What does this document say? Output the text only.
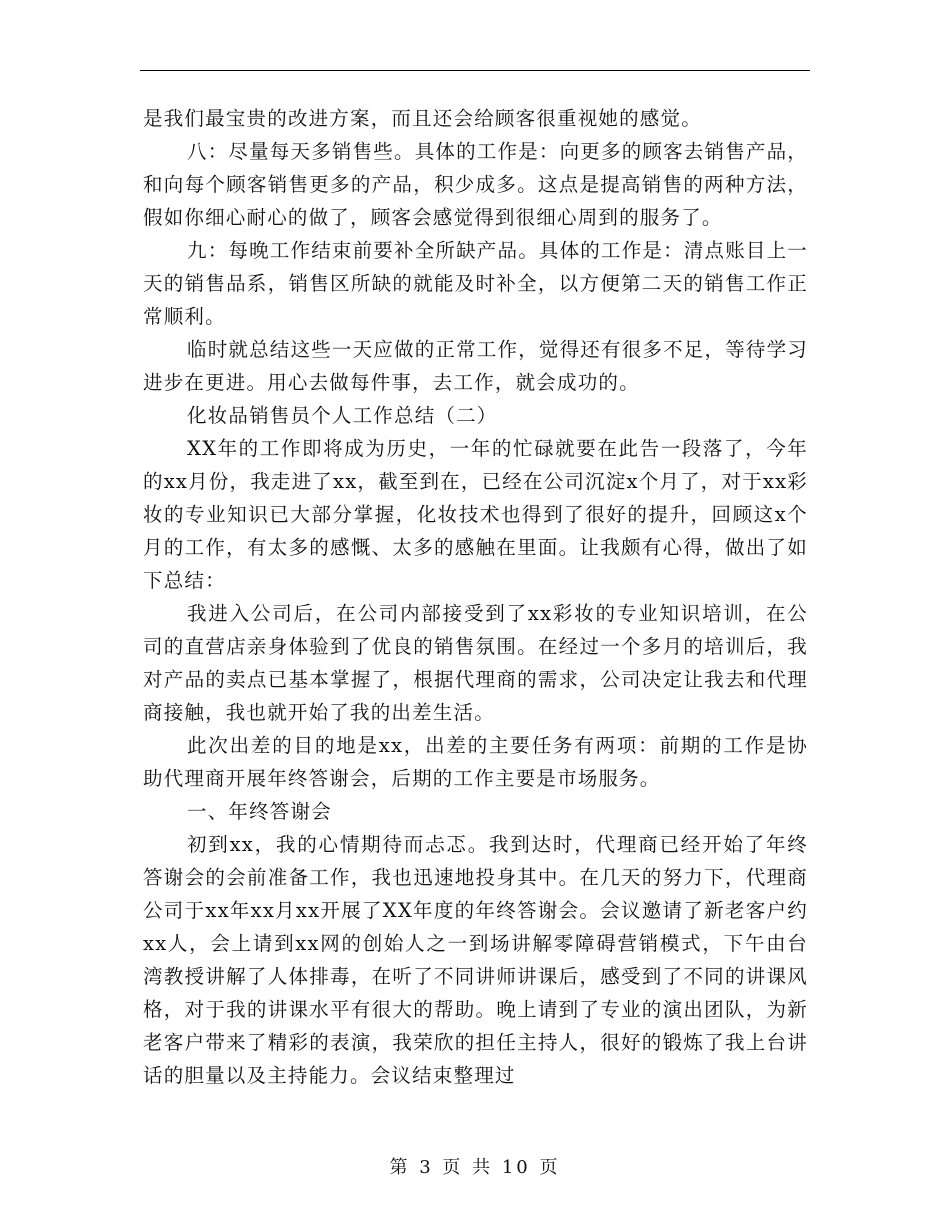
是我们最宝贵的改进方案，而且还会给顾客很重视她的感觉。

八：尽量每天多销售些。具体的工作是：向更多的顾客去销售产品，和向每个顾客销售更多的产品，积少成多。这点是提高销售的两种方法，假如你细心耐心的做了，顾客会感觉得到很细心周到的服务了。

九：每晚工作结束前要补全所缺产品。具体的工作是：清点账目上一天的销售品系，销售区所缺的就能及时补全，以方便第二天的销售工作正常顺利。

临时就总结这些一天应做的正常工作，觉得还有很多不足，等待学习进步在更进。用心去做每件事，去工作，就会成功的。

化妆品销售员个人工作总结（二）

XX年的工作即将成为历史，一年的忙碌就要在此告一段落了，今年的xx月份，我走进了xx，截至到在，已经在公司沉淀x个月了，对于xx彩妆的专业知识已大部分掌握，化妆技术也得到了很好的提升，回顾这x个月的工作，有太多的感慨、太多的感触在里面。让我颇有心得，做出了如下总结：

我进入公司后，在公司内部接受到了xx彩妆的专业知识培训，在公司的直营店亲身体验到了优良的销售氛围。在经过一个多月的培训后，我对产品的卖点已基本掌握了，根据代理商的需求，公司决定让我去和代理商接触，我也就开始了我的出差生活。

此次出差的目的地是xx，出差的主要任务有两项：前期的工作是协助代理商开展年终答谢会，后期的工作主要是市场服务。

一、年终答谢会

初到xx，我的心情期待而忐忑。我到达时，代理商已经开始了年终答谢会的会前准备工作，我也迅速地投身其中。在几天的努力下，代理商公司于xx年xx月xx开展了XX年度的年终答谢会。会议邀请了新老客户约xx人，会上请到xx网的创始人之一到场讲解零障碍营销模式，下午由台湾教授讲解了人体排毒，在听了不同讲师讲课后，感受到了不同的讲课风格，对于我的讲课水平有很大的帮助。晚上请到了专业的演出团队，为新老客户带来了精彩的表演，我荣欣的担任主持人，很好的锻炼了我上台讲话的胆量以及主持能力。会议结束整理过

第 3 页 共 10 页
